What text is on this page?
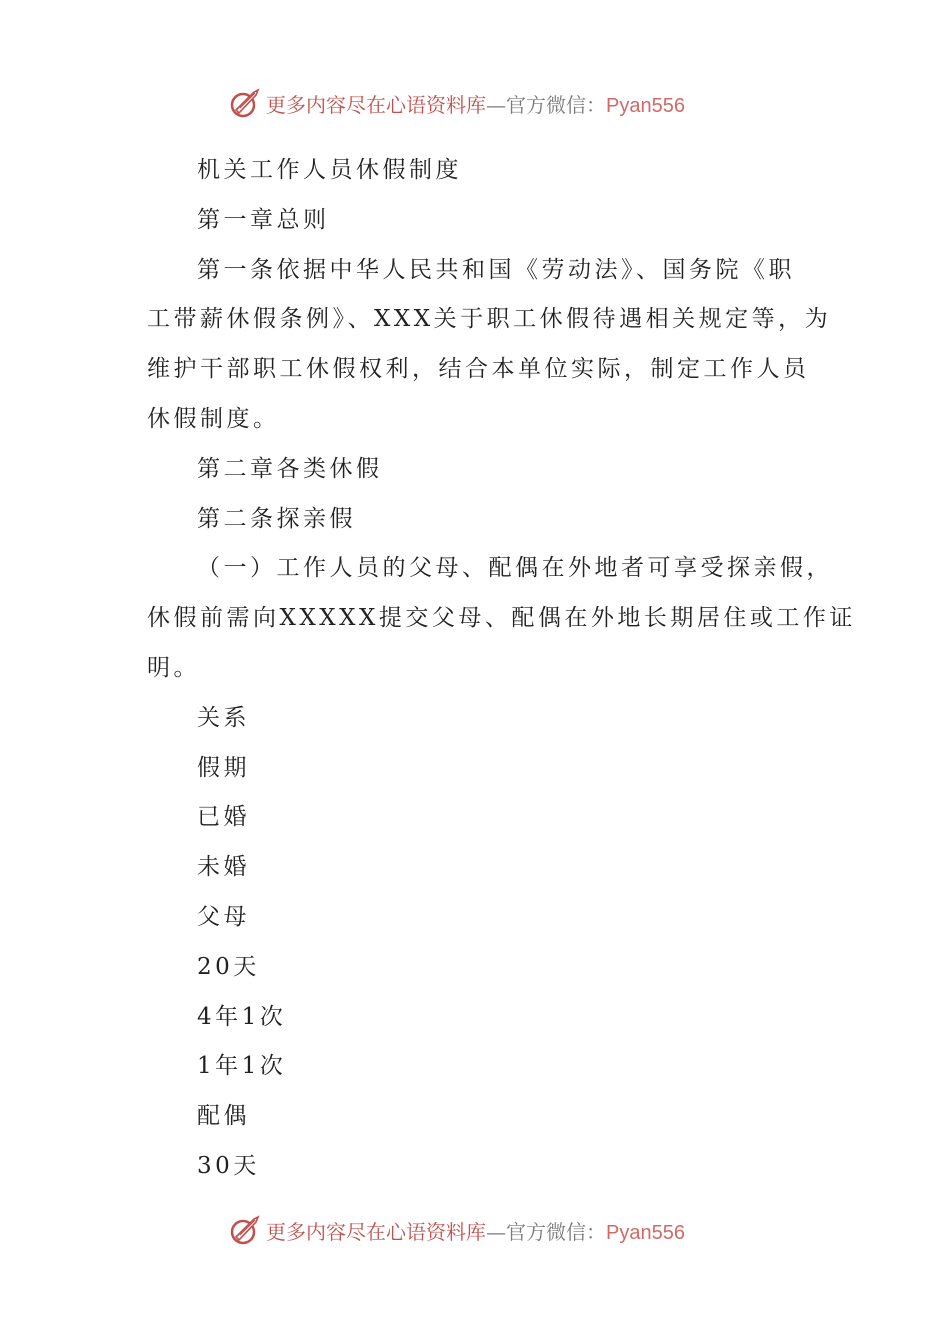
更多内容尽在心语资料库—官方微信：Pyan556

机关工作人员休假制度

第一章总则

第一条依据中华人民共和国《劳动法》、国务院《职
工带薪休假条例》、XXX关于职工休假待遇相关规定等，为
维护干部职工休假权利，结合本单位实际，制定工作人员
休假制度。

第二章各类休假

第二条探亲假

（一）工作人员的父母、配偶在外地者可享受探亲假，
休假前需向XXXXX提交父母、配偶在外地长期居住或工作证
明。

关系

假期

已婚

未婚

父母

20天

4年1次

1年1次

配偶

30天

更多内容尽在心语资料库—官方微信：Pyan556
